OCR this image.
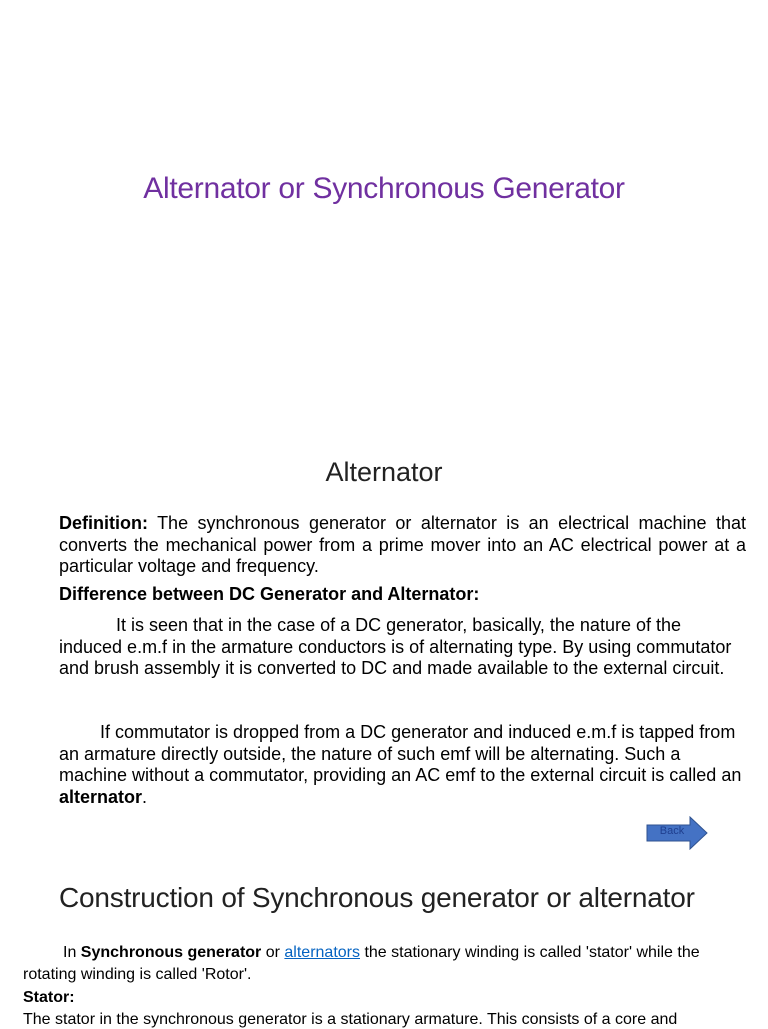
Alternator or Synchronous Generator
Alternator
Definition: The synchronous generator or alternator is an electrical machine that converts the mechanical power from a prime mover into an AC electrical power at a particular voltage and frequency.
Difference between DC Generator and Alternator:
It is seen that in the case of a DC generator, basically, the nature of the induced e.m.f in the armature conductors is of alternating type. By using commutator and brush assembly it is converted to DC and made available to the external circuit.
If commutator is dropped from a DC generator and induced e.m.f is tapped from an armature directly outside, the nature of such emf will be alternating. Such a machine without a commutator, providing an AC emf to the external circuit is called an alternator.
Back
Construction of Synchronous generator or alternator
In Synchronous generator or alternators the stationary winding is called 'stator' while the rotating winding is called 'Rotor'.
Stator:
The stator in the synchronous generator is a stationary armature. This consists of a core and
